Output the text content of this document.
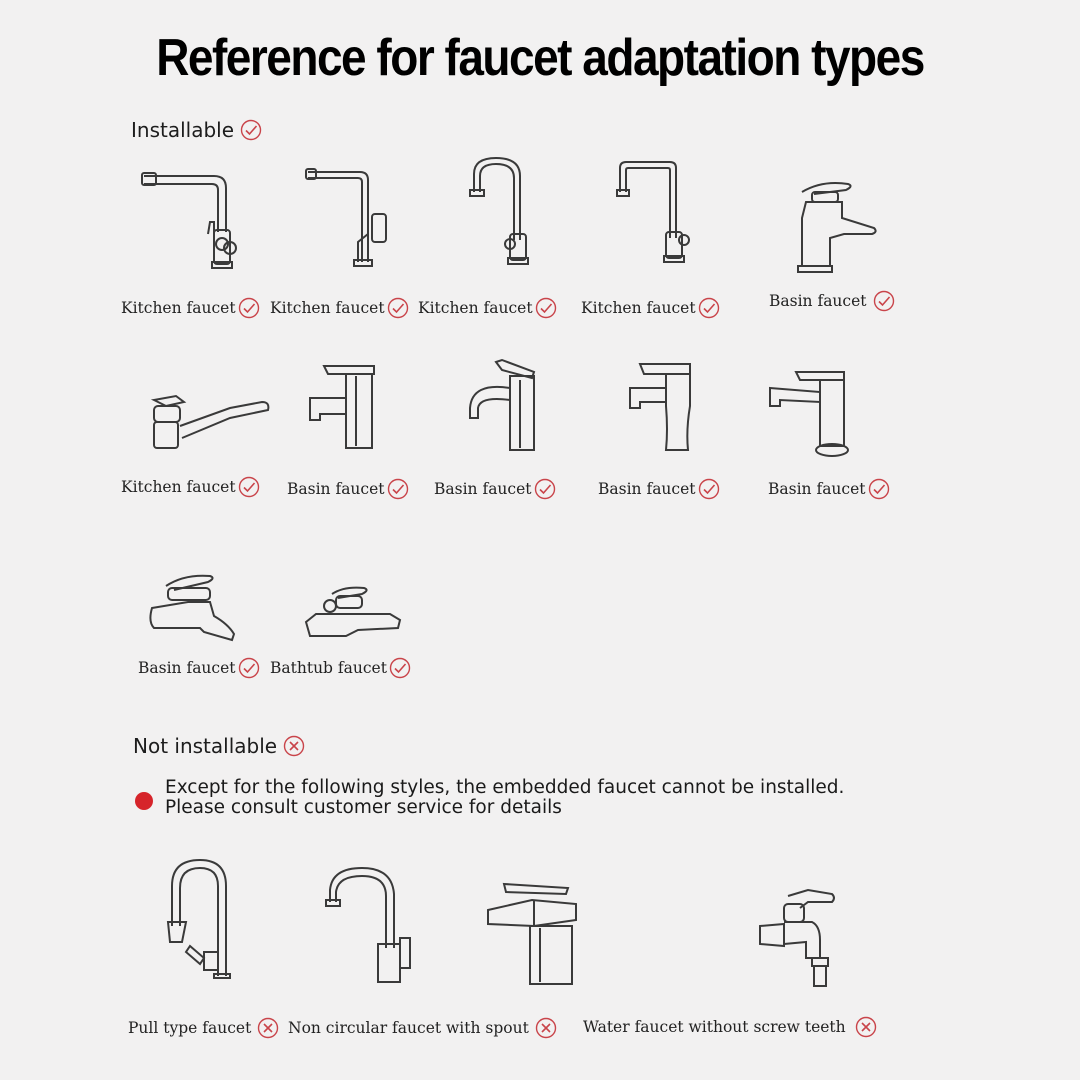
Reference for faucet adaptation types
Installable
Kitchen faucet Kitchen faucet Kitchen faucet	Kitchen faucet	Basin faucet
Kitchen faucet	Basin faucet	Basin faucet	Basin faucet	Basin faucet
Basin faucet Bathtub faucet
Not installable
Except for the following styles, the embedded faucet cannot be installed.
Please consult customer service for details
Pull type faucet Non circular faucet with spout	Water faucet without screw teeth
